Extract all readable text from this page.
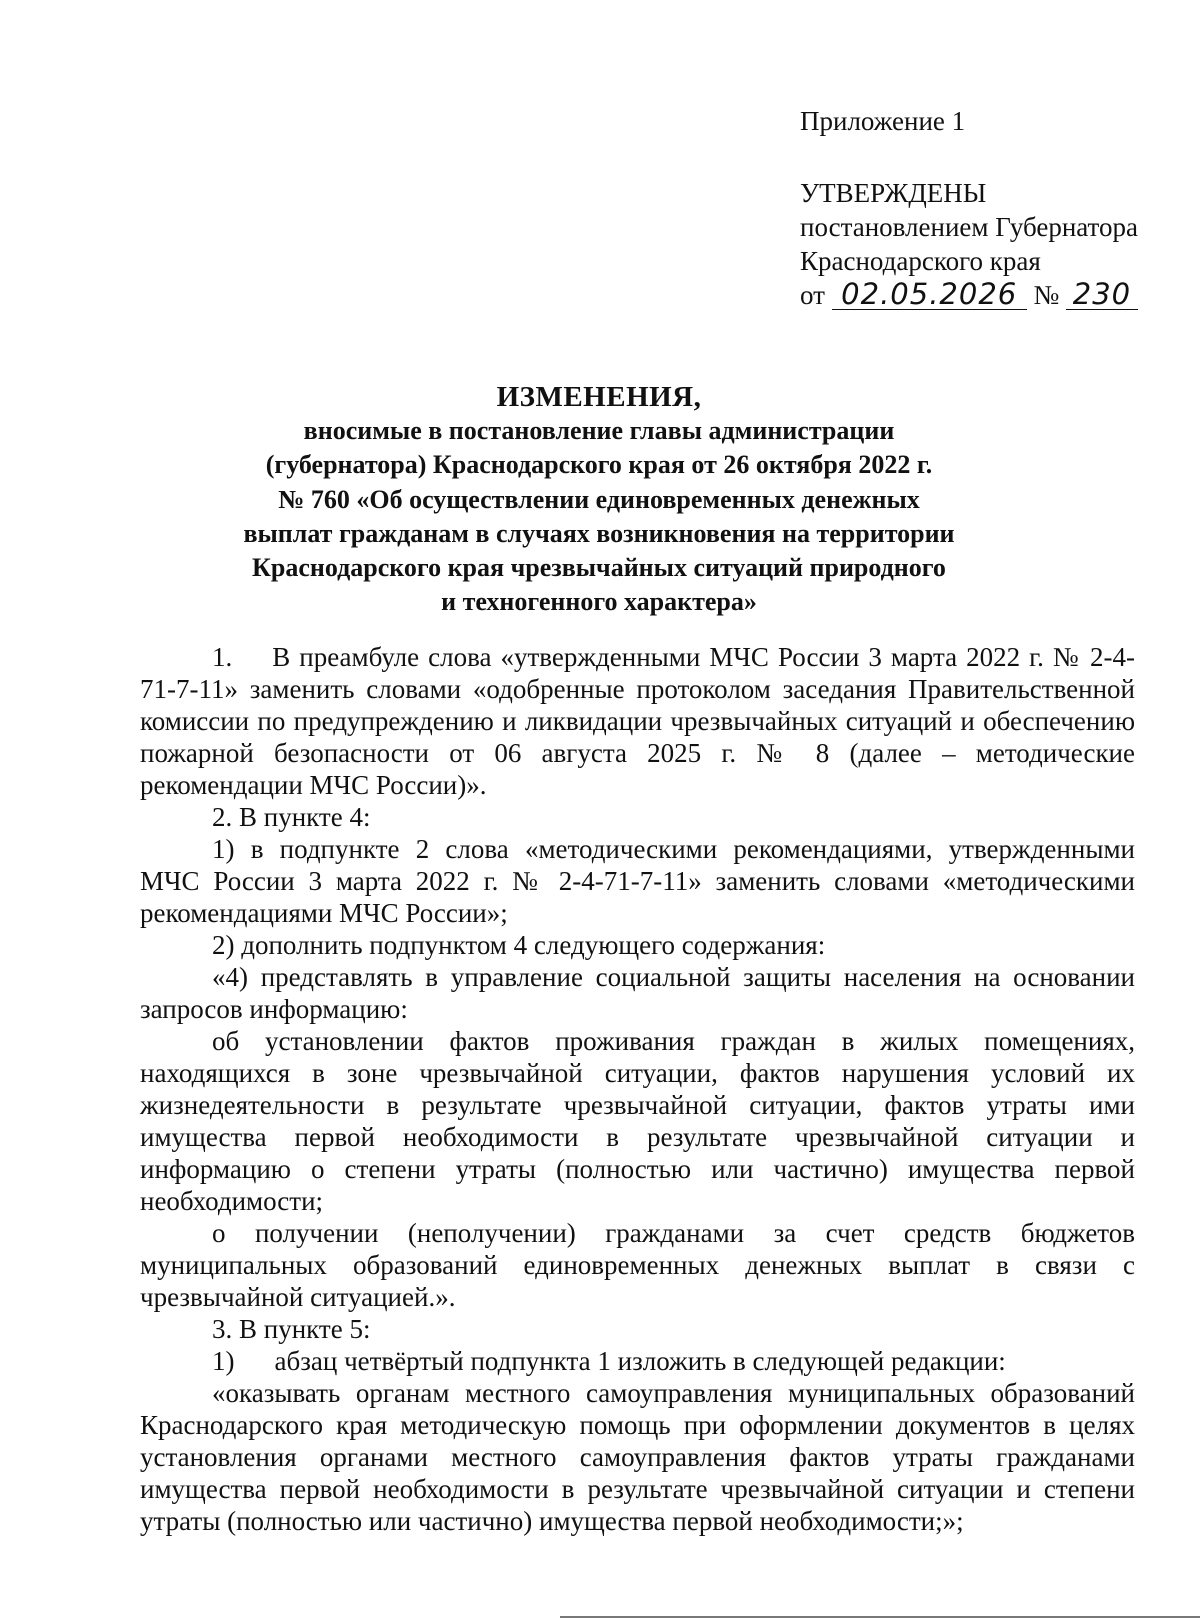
Приложение 1
УТВЕРЖДЕНЫ
постановлением Губернатора
Краснодарского края
от 02.05.2026 № 230
ИЗМЕНЕНИЯ,
вносимые в постановление главы администрации
(губернатора) Краснодарского края от 26 октября 2022 г.
№ 760 «Об осуществлении единовременных денежных
выплат гражданам в случаях возникновения на территории
Краснодарского края чрезвычайных ситуаций природного
и техногенного характера»

1. В преамбуле слова «утвержденными МЧС России 3 марта 2022 г. № 2-4-71-7-11» заменить словами «одобренные протоколом заседания Правительственной комиссии по предупреждению и ликвидации чрезвычайных ситуаций и обеспечению пожарной безопасности от 06 августа 2025 г. № 8 (далее – методические рекомендации МЧС России)».

2. В пункте 4:

1) в подпункте 2 слова «методическими рекомендациями, утвержденными МЧС России 3 марта 2022 г. № 2-4-71-7-11» заменить словами «методическими рекомендациями МЧС России»;

2) дополнить подпунктом 4 следующего содержания:

«4) представлять в управление социальной защиты населения на основании запросов информацию:

об установлении фактов проживания граждан в жилых помещениях, находящихся в зоне чрезвычайной ситуации, фактов нарушения условий их жизнедеятельности в результате чрезвычайной ситуации, фактов утраты ими имущества первой необходимости в результате чрезвычайной ситуации и информацию о степени утраты (полностью или частично) имущества первой необходимости;

о получении (неполучении) гражданами за счет средств бюджетов муниципальных образований единовременных денежных выплат в связи с чрезвычайной ситуацией.».

3. В пункте 5:

1) абзац четвёртый подпункта 1 изложить в следующей редакции:

«оказывать органам местного самоуправления муниципальных образований Краснодарского края методическую помощь при оформлении документов в целях установления органами местного самоуправления фактов утраты гражданами имущества первой необходимости в результате чрезвычайной ситуации и степени утраты (полностью или частично) имущества первой необходимости;»;
